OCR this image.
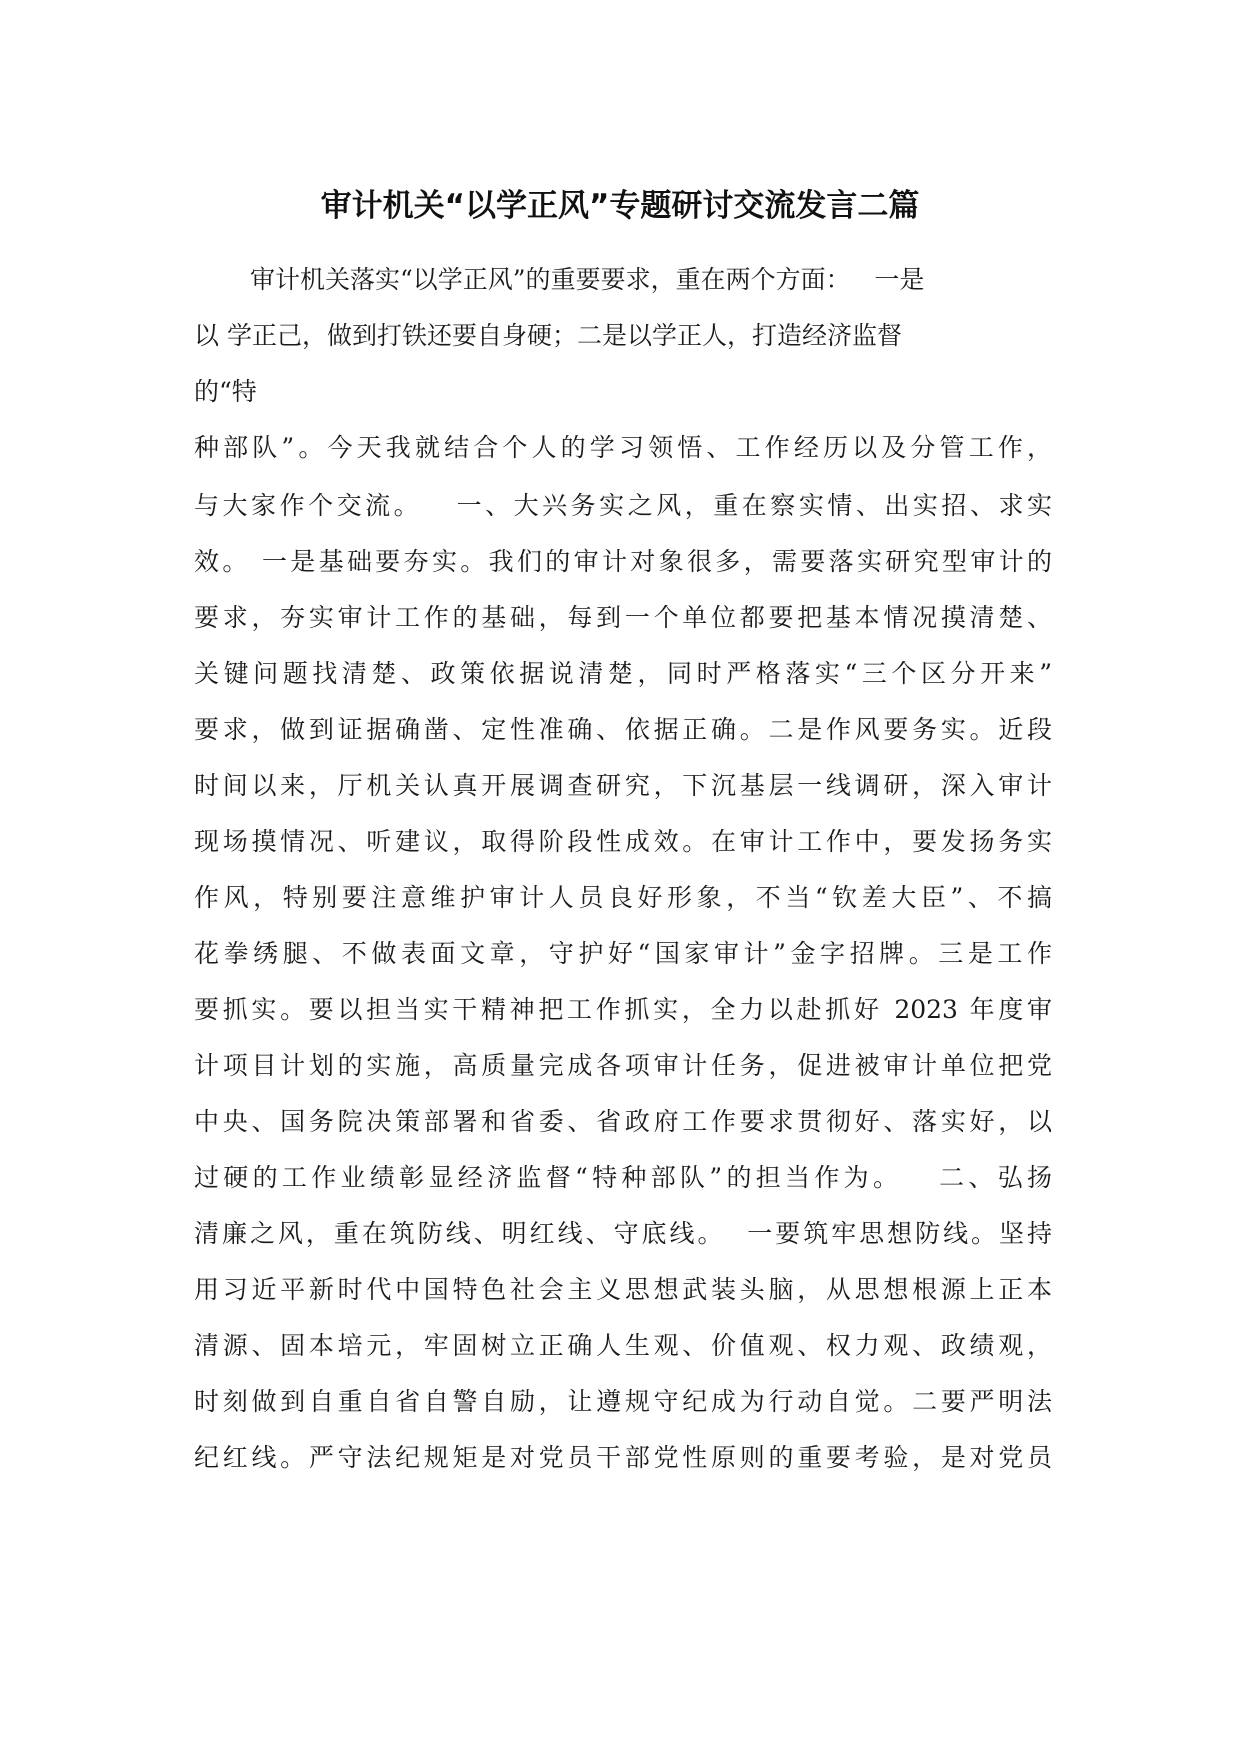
审计机关“以学正风”专题研讨交流发言二篇

审计机关落实“以学正风”的重要要求，重在两个方面：   一是

以 学正己，做到打铁还要自身硬；二是以学正人，打造经济监督

的“特

种部队”。今天我就结合个人的学习领悟、工作经历以及分管工作，

与大家作个交流。   一、大兴务实之风，重在察实情、出实招、求实

效。 一是基础要夯实。我们的审计对象很多，需要落实研究型审计的

要求，夯实审计工作的基础，每到一个单位都要把基本情况摸清楚、

关键问题找清楚、政策依据说清楚，同时严格落实“三个区分开来”

要求，做到证据确凿、定性准确、依据正确。二是作风要务实。近段

时间以来，厅机关认真开展调查研究，下沉基层一线调研，深入审计

现场摸情况、听建议，取得阶段性成效。在审计工作中，要发扬务实

作风，特别要注意维护审计人员良好形象，不当“钦差大臣”、不搞

花拳绣腿、不做表面文章，守护好“国家审计”金字招牌。三是工作

要抓实。要以担当实干精神把工作抓实，全力以赴抓好 2023 年度审

计项目计划的实施，高质量完成各项审计任务，促进被审计单位把党

中央、国务院决策部署和省委、省政府工作要求贯彻好、落实好，以

过硬的工作业绩彰显经济监督“特种部队”的担当作为。   二、弘扬

清廉之风，重在筑防线、明红线、守底线。  一要筑牢思想防线。坚持

用习近平新时代中国特色社会主义思想武装头脑，从思想根源上正本

清源、固本培元，牢固树立正确人生观、价值观、权力观、政绩观，

时刻做到自重自省自警自励，让遵规守纪成为行动自觉。二要严明法

纪红线。严守法纪规矩是对党员干部党性原则的重要考验，是对党员
